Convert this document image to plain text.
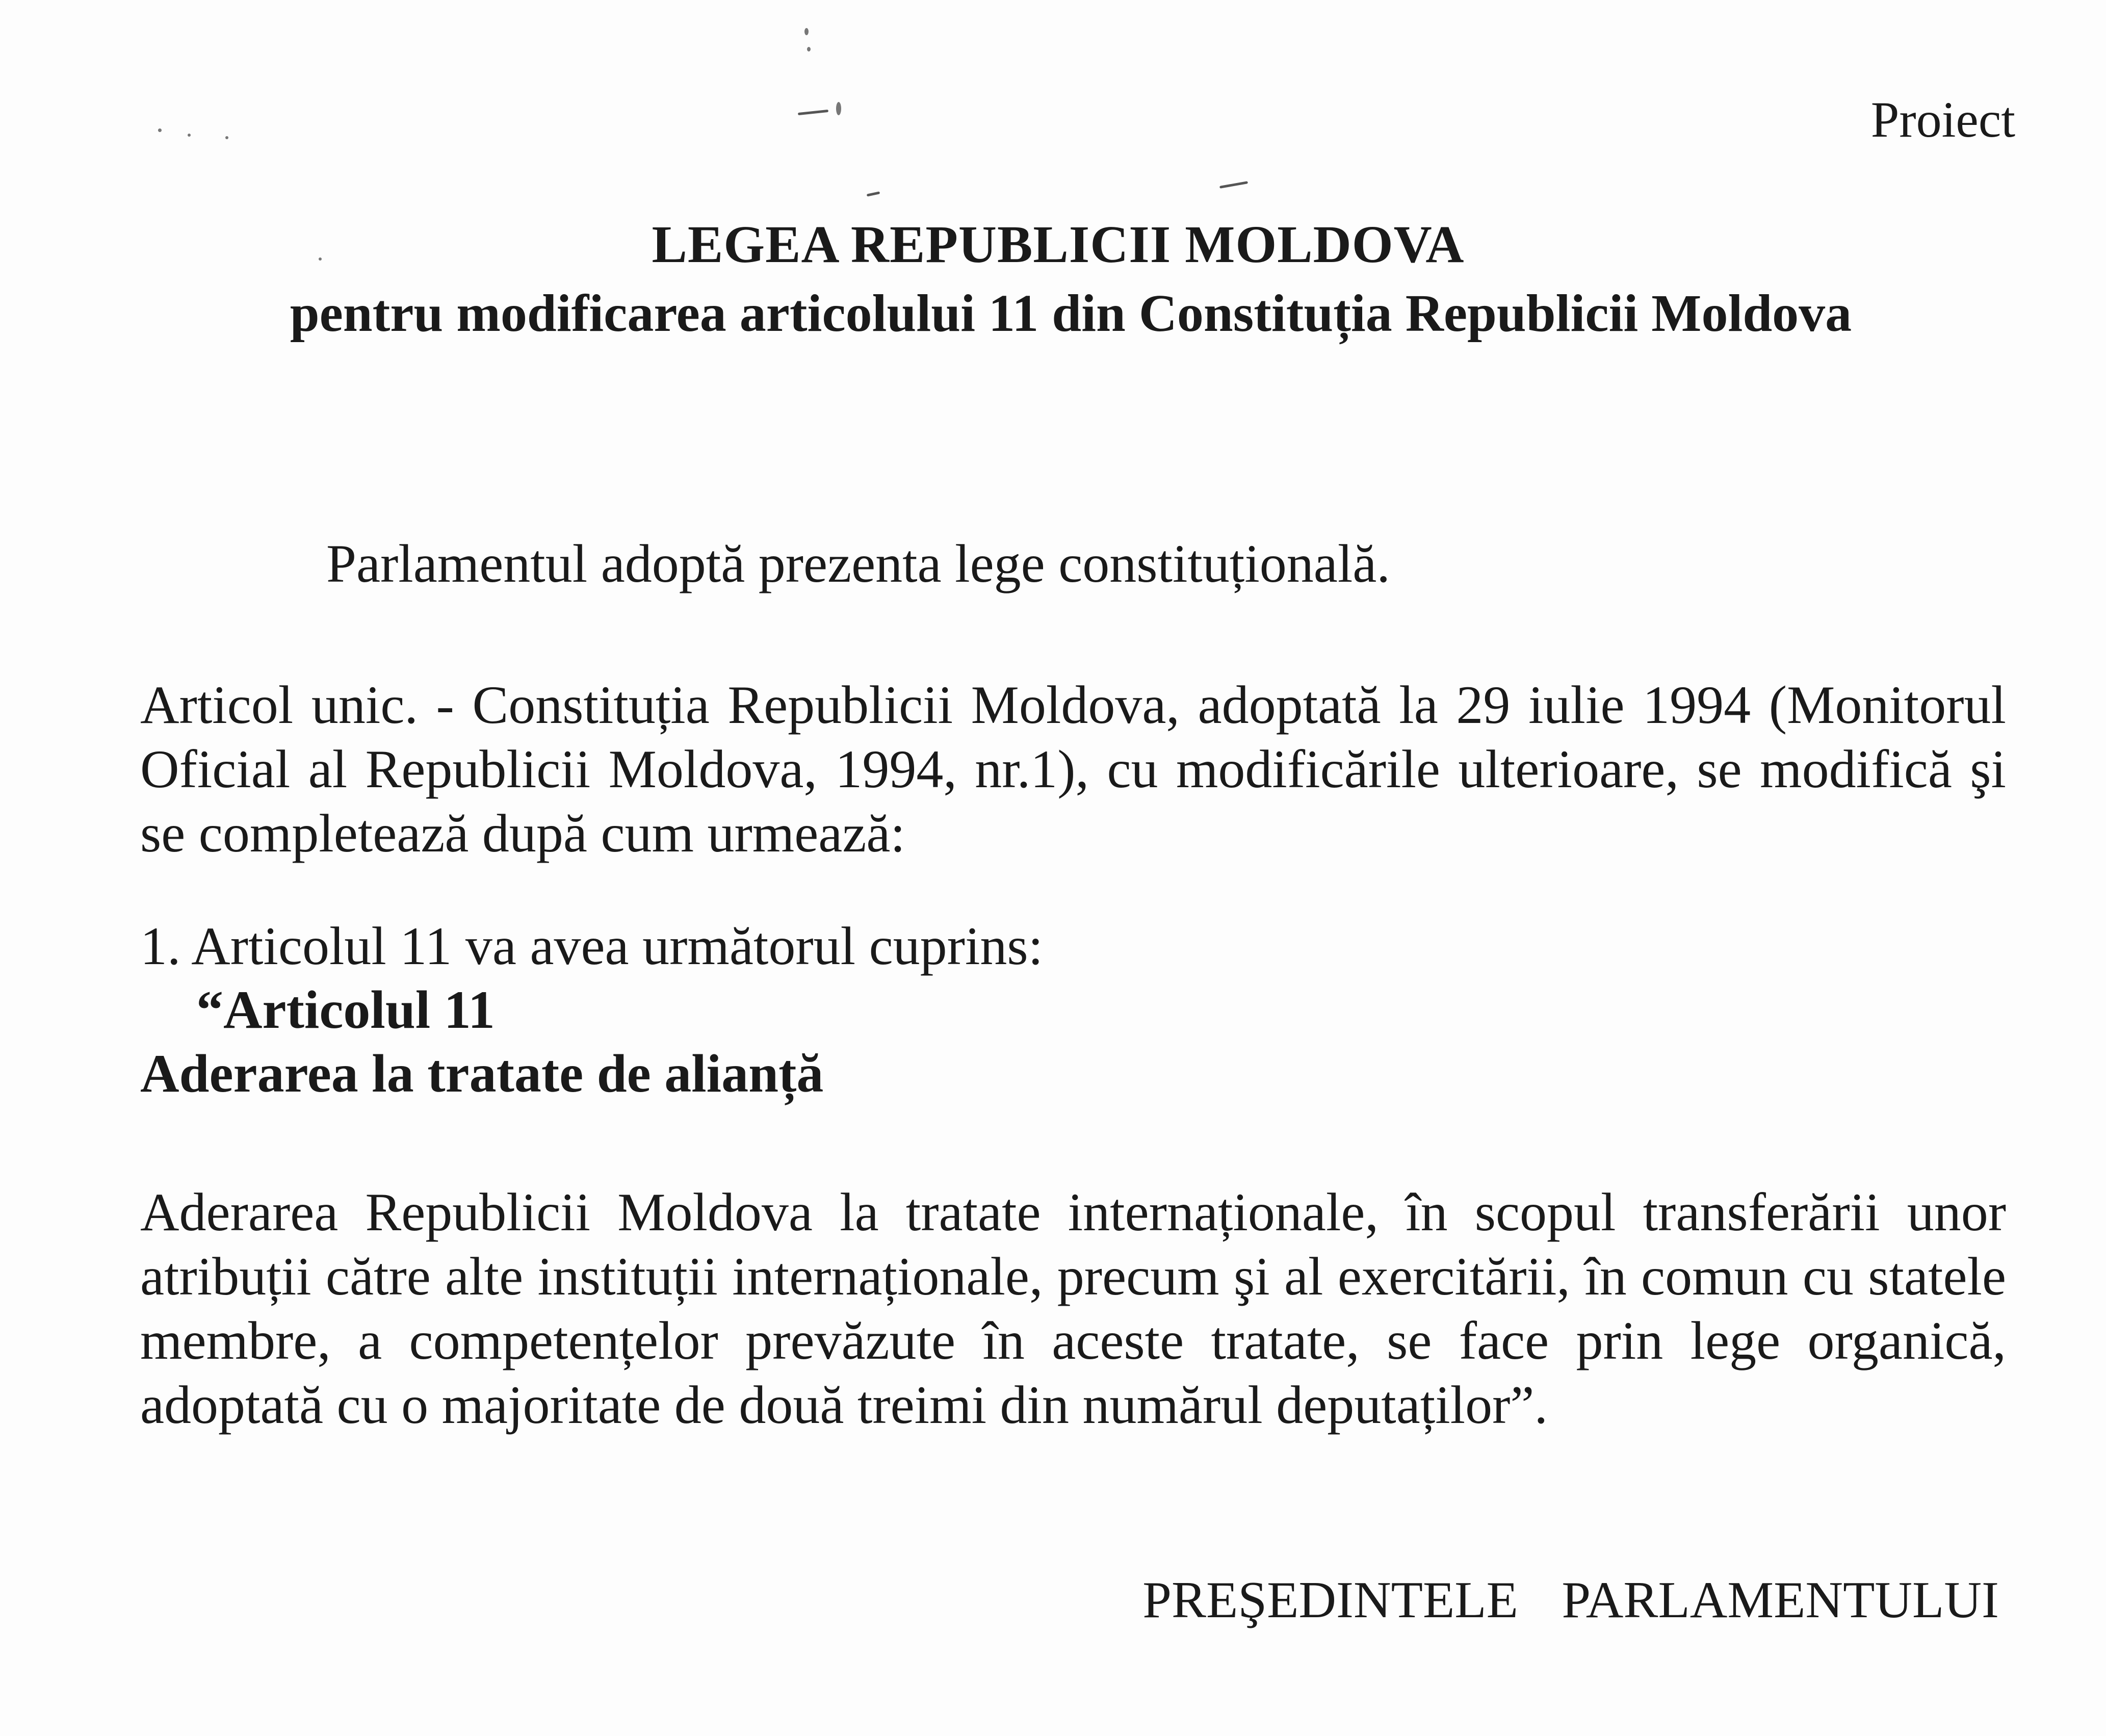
Proiect
LEGEA REPUBLICII MOLDOVA
pentru modificarea articolului 11 din Constituția Republicii Moldova
Parlamentul adoptă prezenta lege constituțională.
Articol unic. - Constituția Republicii Moldova, adoptată la 29 iulie 1994 (Monitorul Oficial al Republicii Moldova, 1994, nr.1), cu modificările ulterioare, se modifică şi se completează după cum urmează:
1. Articolul 11 va avea următorul cuprins:
“Articolul 11
Aderarea la tratate de alianță
Aderarea Republicii Moldova la tratate internaționale, în scopul transferării unor atribuții către alte instituții internaționale, precum şi al exercitării, în comun cu statele membre, a competențelor prevăzute în aceste tratate, se face prin lege organică, adoptată cu o majoritate de două treimi din numărul deputaților”.
PREŞEDINTELE PARLAMENTULUI
